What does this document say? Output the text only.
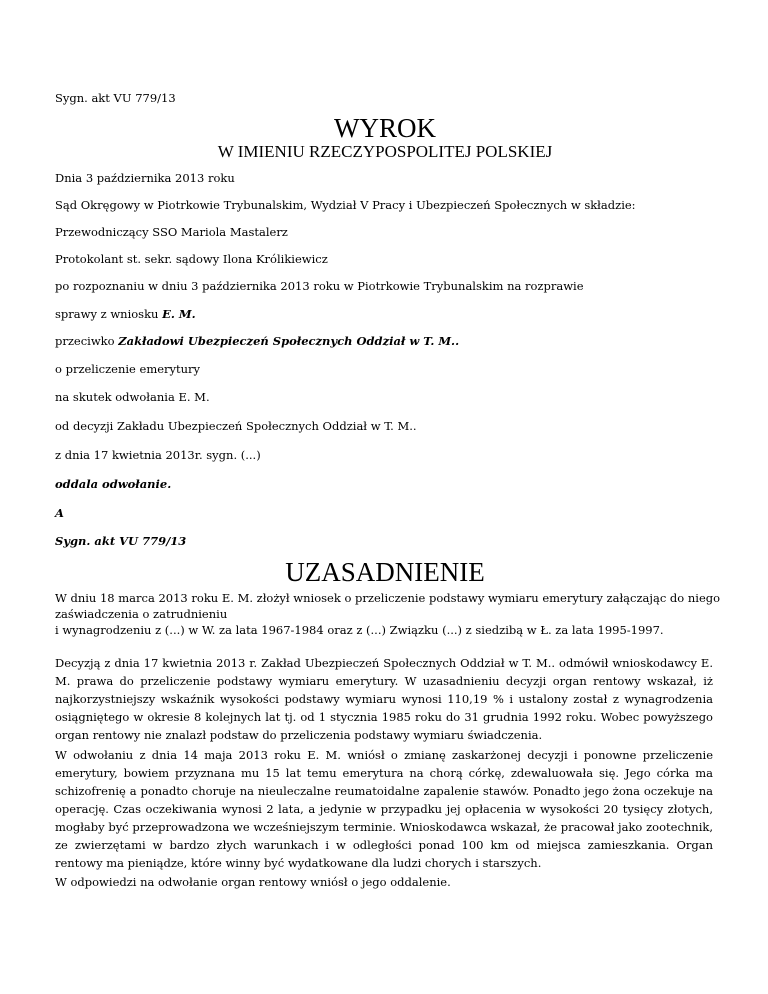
Sygn. akt VU 779/13
WYROK
W IMIENIU RZECZYPOSPOLITEJ POLSKIEJ
Dnia 3 października 2013 roku
Sąd Okręgowy w Piotrkowie Trybunalskim, Wydział V Pracy i Ubezpieczeń Społecznych w składzie:
Przewodniczący SSO Mariola Mastalerz
Protokolant st. sekr. sądowy Ilona Królikiewicz
po rozpoznaniu w dniu 3 października 2013 roku w Piotrkowie Trybunalskim na rozprawie
sprawy z wniosku E. M.
przeciwko Zakładowi Ubezpieczeń Społecznych Oddział w T. M..
o przeliczenie emerytury
na skutek odwołania E. M.
od decyzji Zakładu Ubezpieczeń Społecznych Oddział w T. M..
z dnia 17 kwietnia 2013r. sygn. (...)
oddala odwołanie.
A
Sygn. akt VU 779/13
UZASADNIENIE
W dniu 18 marca 2013 roku E. M. złożył wniosek o przeliczenie podstawy wymiaru emerytury załączając do niego
zaświadczenia o zatrudnieniu
i wynagrodzeniu z (...) w W. za lata 1967-1984 oraz z (...) Związku (...) z siedzibą w Ł. za lata 1995-1997.
Decyzją z dnia 17 kwietnia 2013 r. Zakład Ubezpieczeń Społecznych Oddział w T. M.. odmówił wnioskodawcy E. M. prawa do przeliczenie podstawy wymiaru emerytury. W uzasadnieniu decyzji organ rentowy wskazał, iż najkorzystniejszy wskaźnik wysokości podstawy wymiaru wynosi 110,19 % i ustalony został z wynagrodzenia osiągniętego w okresie 8 kolejnych lat tj. od 1 stycznia 1985 roku do 31 grudnia 1992 roku. Wobec powyższego organ rentowy nie znalazł podstaw do przeliczenia podstawy wymiaru świadczenia.
W odwołaniu z dnia 14 maja 2013 roku E. M. wniósł o zmianę zaskarżonej decyzji i ponowne przeliczenie emerytury, bowiem przyznana mu 15 lat temu emerytura na chorą córkę, zdewaluowała się. Jego córka ma schizofrenię a ponadto choruje na nieuleczalne reumatoidalne zapalenie stawów. Ponadto jego żona oczekuje na operację. Czas oczekiwania wynosi 2 lata, a jedynie w przypadku jej opłacenia w wysokości 20 tysięcy złotych, mogłaby być przeprowadzona we wcześniejszym terminie. Wnioskodawca wskazał, że pracował jako zootechnik, ze zwierzętami w bardzo złych warunkach i w odległości ponad 100 km od miejsca zamieszkania. Organ rentowy ma pieniądze, które winny być wydatkowane dla ludzi chorych i starszych.
W odpowiedzi na odwołanie organ rentowy wniósł o jego oddalenie.
